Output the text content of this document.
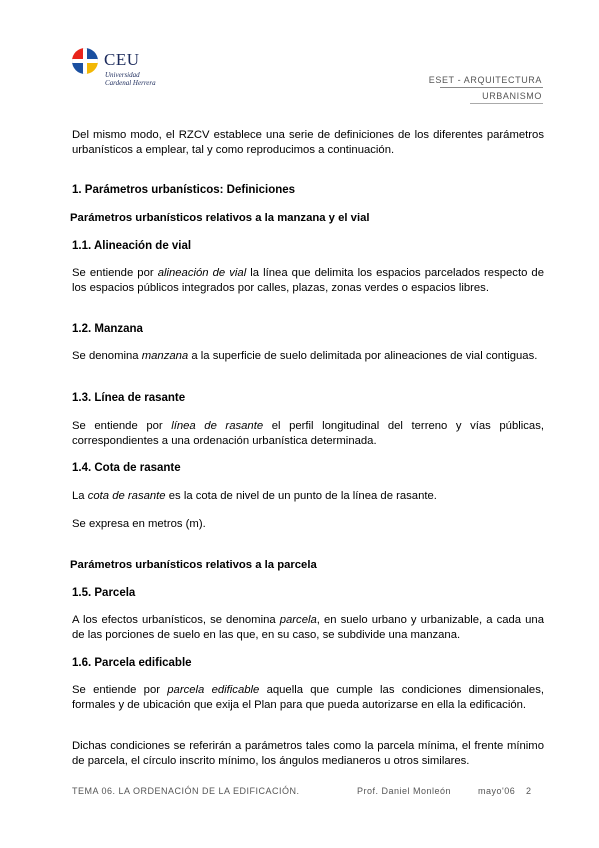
CEU
Universidad
Cardenal Herrera	ESET - ARQUITECTURA
URBANISMO
Del mismo modo, el RZCV establece una serie de definiciones de los diferentes parámetros urbanísticos a emplear, tal y como reproducimos a continuación.
1. Parámetros urbanísticos: Definiciones
Parámetros urbanísticos relativos a la manzana y el vial
1.1. Alineación de vial
Se entiende por alineación de vial la línea que delimita los espacios parcelados respecto de los espacios públicos integrados por calles, plazas, zonas verdes o espacios libres.
1.2. Manzana
Se denomina manzana a la superficie de suelo delimitada por alineaciones de vial contiguas.
1.3. Línea de rasante
Se entiende por línea de rasante el perfil longitudinal del terreno y vías públicas, correspondientes a una ordenación urbanística determinada.
1.4. Cota de rasante
La cota de rasante es la cota de nivel de un punto de la línea de rasante.
Se expresa en metros (m).
Parámetros urbanísticos relativos a la parcela
1.5. Parcela
A los efectos urbanísticos, se denomina parcela, en suelo urbano y urbanizable, a cada una de las porciones de suelo en las que, en su caso, se subdivide una manzana.
1.6. Parcela edificable
Se entiende por parcela edificable aquella que cumple las condiciones dimensionales, formales y de ubicación que exija el Plan para que pueda autorizarse en ella la edificación.
Dichas condiciones se referirán a parámetros tales como la parcela mínima, el frente mínimo de parcela, el círculo inscrito mínimo, los ángulos medianeros u otros similares.
TEMA 06. LA ORDENACIÓN DE LA EDIFICACIÓN.	Prof. Daniel Monleón	mayo'06 2
